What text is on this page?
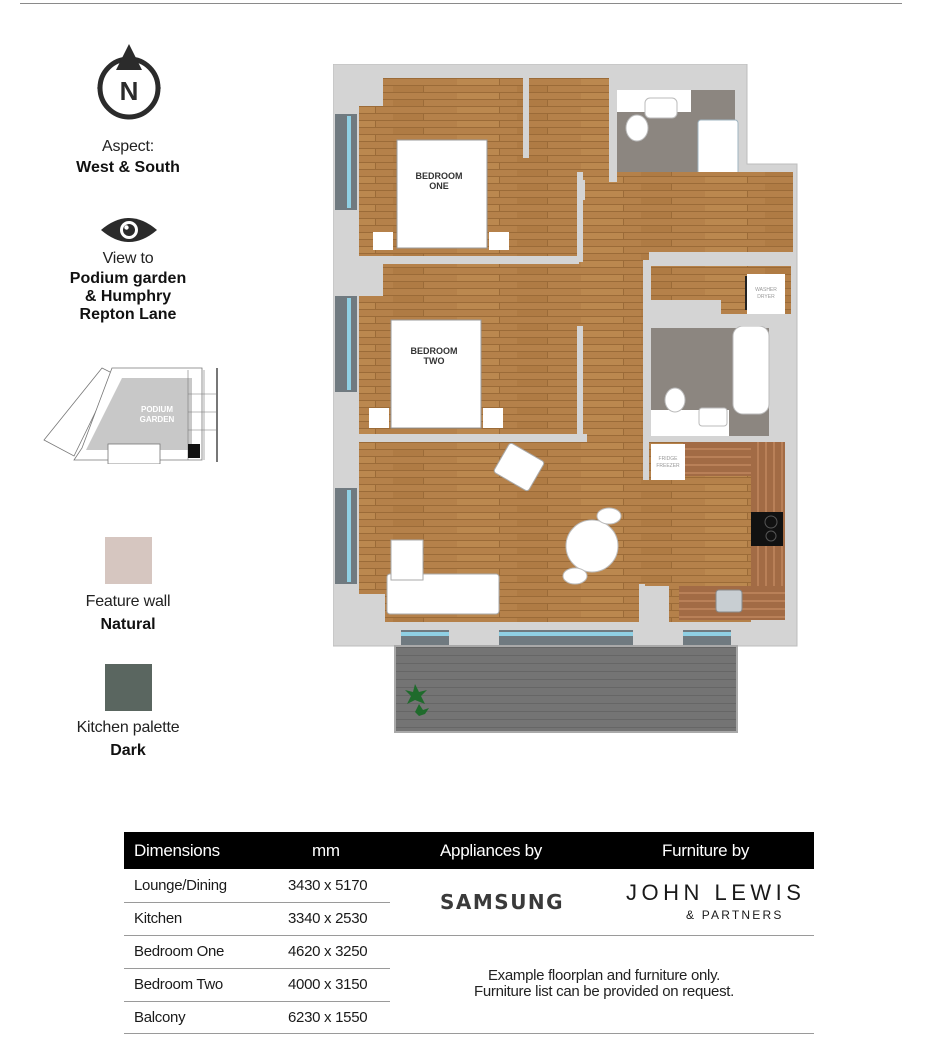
N
Aspect:
West & South
View to
Podium garden
& Humphry
Repton Lane
PODIUM
GARDEN
Feature wall
Natural
Kitchen palette
Dark
WASHER
DRYER
FRIDGE
FREEZER
BEDROOM
ONE
BEDROOM
TWO
Dimensions	mm	Appliances by	Furniture by
Lounge/Dining	3430 x 5170
Kitchen	3340 x 2530
Bedroom One	4620 x 3250
Bedroom Two	4000 x 3150
Balcony	6230 x 1550
SAMSUNG	JOHN LEWIS
& PARTNERS
Example floorplan and furniture only.
Furniture list can be provided on request.
